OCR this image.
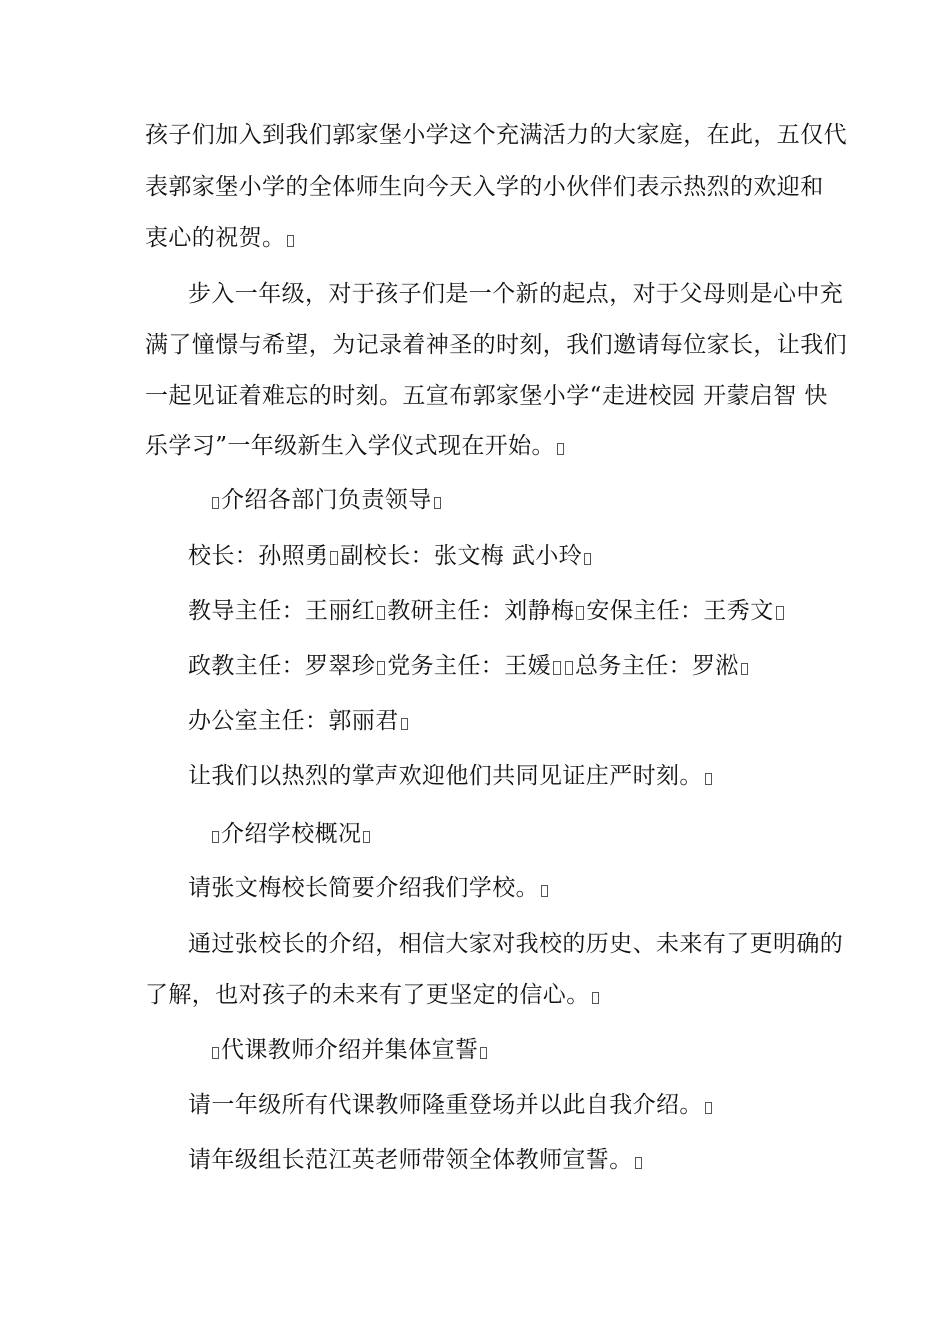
孩子们加入到我们郭家堡小学这个充满活力的大家庭，在此，五仅代
表郭家堡小学的全体师生向今天入学的小伙伴们表示热烈的欢迎和
衷心的祝贺。
步入一年级，对于孩子们是一个新的起点，对于父母则是心中充
满了憧憬与希望，为记录着神圣的时刻，我们邀请每位家长，让我们
一起见证着难忘的时刻。五宣布郭家堡小学“走进校园 开蒙启智 快
乐学习”一年级新生入学仪式现在开始。
介绍各部门负责领导
校长：孙照勇 副校长：张文梅 武小玲
教导主任：王丽红 教研主任：刘静梅 安保主任：王秀文
政教主任：罗翠珍 党务主任：王媛 总务主任：罗淞
办公室主任：郭丽君
让我们以热烈的掌声欢迎他们共同见证庄严时刻。
介绍学校概况
请张文梅校长简要介绍我们学校。
通过张校长的介绍，相信大家对我校的历史、未来有了更明确的
了解，也对孩子的未来有了更坚定的信心。
代课教师介绍并集体宣誓
请一年级所有代课教师隆重登场并以此自我介绍。
请年级组长范江英老师带领全体教师宣誓。
